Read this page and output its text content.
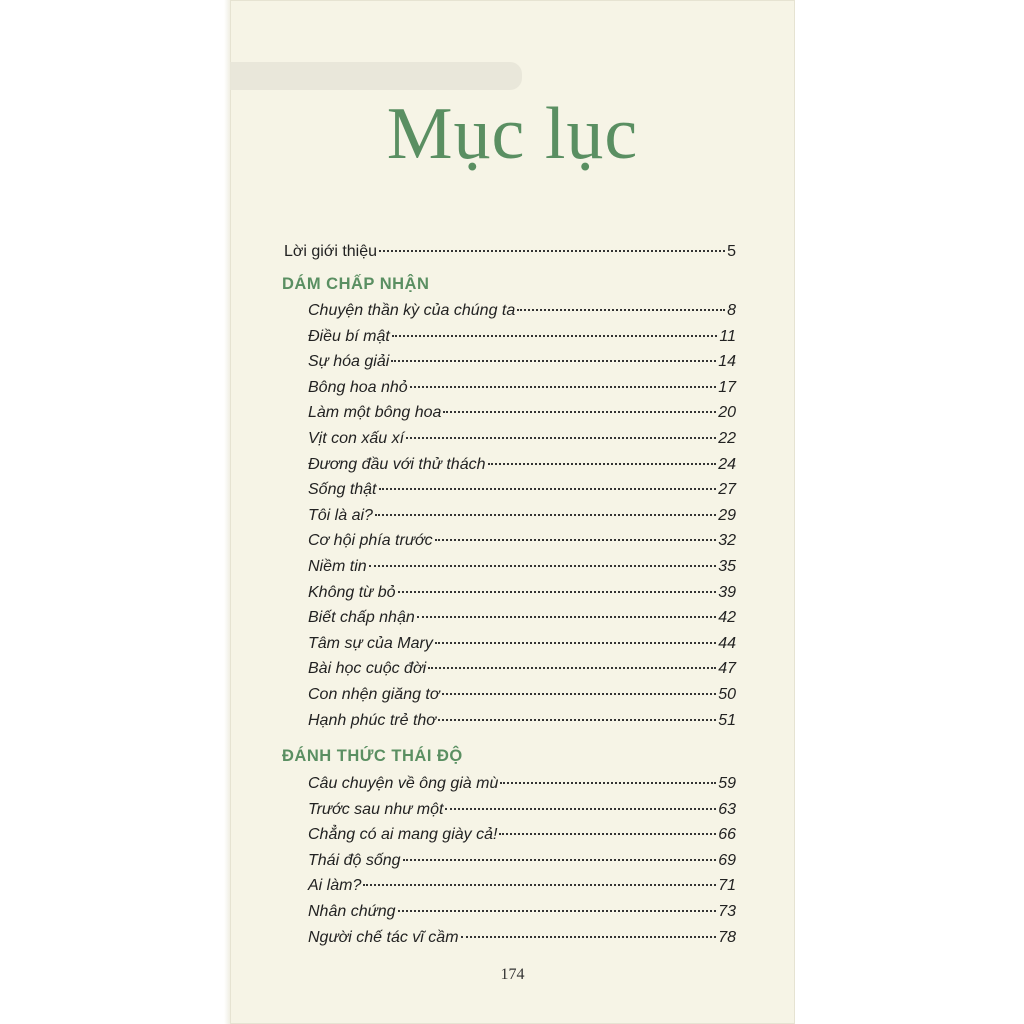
Mục lục
Lời giới thiệu	5
DÁM CHẤP NHẬN
Chuyện thần kỳ của chúng ta	8
Điều bí mật	11
Sự hóa giải	14
Bông hoa nhỏ	17
Làm một bông hoa	20
Vịt con xấu xí	22
Đương đầu với thử thách	24
Sống thật	27
Tôi là ai?	29
Cơ hội phía trước	32
Niềm tin	35
Không từ bỏ	39
Biết chấp nhận	42
Tâm sự của Mary	44
Bài học cuộc đời	47
Con nhện giăng tơ	50
Hạnh phúc trẻ thơ	51
ĐÁNH THỨC THÁI ĐỘ
Câu chuyện về ông già mù	59
Trước sau như một	63
Chẳng có ai mang giày cả!	66
Thái độ sống	69
Ai làm?	71
Nhân chứng	73
Người chế tác vĩ cầm	78
174
